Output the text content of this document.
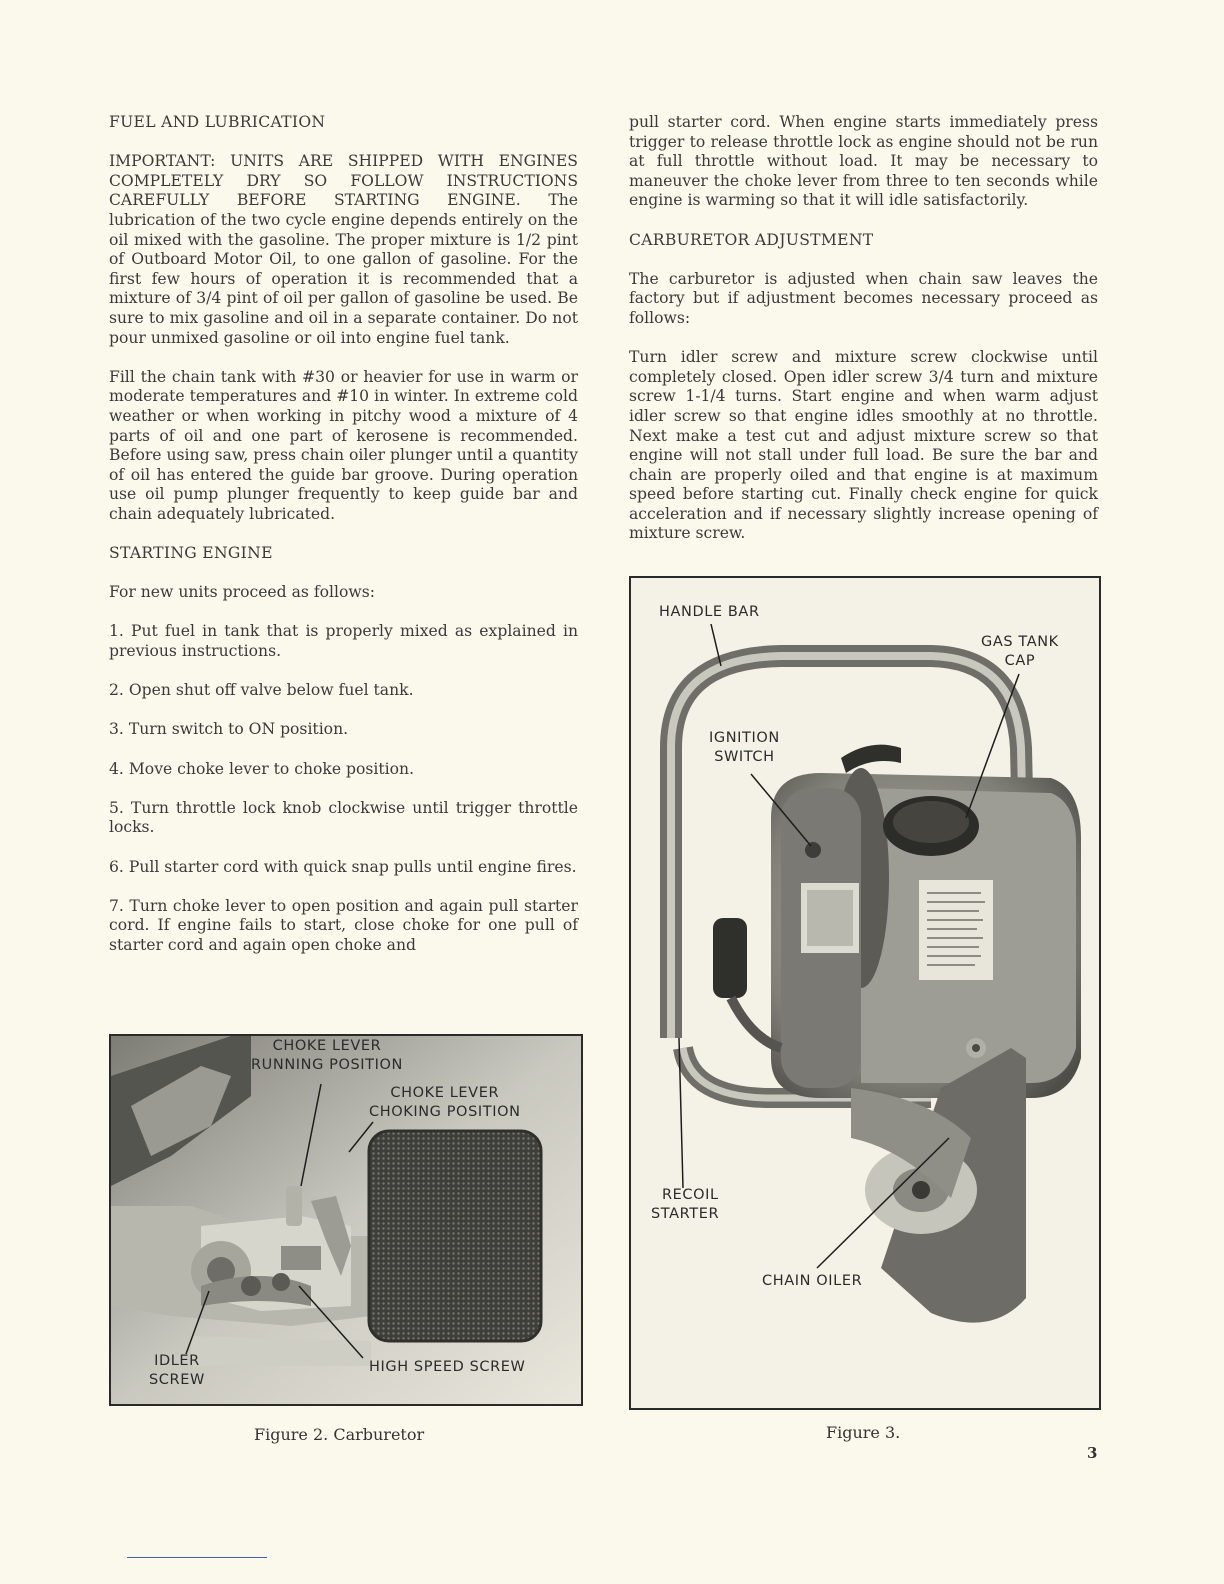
FUEL AND LUBRICATION

IMPORTANT: UNITS ARE SHIPPED WITH ENGINES COMPLETELY DRY SO FOLLOW INSTRUCTIONS CAREFULLY BEFORE STARTING ENGINE. The lubrication of the two cycle engine depends entirely on the oil mixed with the gasoline. The proper mixture is 1/2 pint of Outboard Motor Oil, to one gallon of gasoline. For the first few hours of operation it is recommended that a mixture of 3/4 pint of oil per gallon of gasoline be used. Be sure to mix gasoline and oil in a separate container. Do not pour unmixed gasoline or oil into engine fuel tank.

Fill the chain tank with #30 or heavier for use in warm or moderate temperatures and #10 in winter. In extreme cold weather or when working in pitchy wood a mixture of 4 parts of oil and one part of kerosene is recommended. Before using saw, press chain oiler plunger until a quantity of oil has entered the guide bar groove. During operation use oil pump plunger frequently to keep guide bar and chain adequately lubricated.

STARTING ENGINE

For new units proceed as follows:

1. Put fuel in tank that is properly mixed as explained in previous instructions.

2. Open shut off valve below fuel tank.

3. Turn switch to ON position.

4. Move choke lever to choke position.

5. Turn throttle lock knob clockwise until trigger throttle locks.

6. Pull starter cord with quick snap pulls until engine fires.

7. Turn choke lever to open position and again pull starter cord. If engine fails to start, close choke for one pull of starter cord and again open choke and

pull starter cord. When engine starts immediately press trigger to release throttle lock as engine should not be run at full throttle without load. It may be necessary to maneuver the choke lever from three to ten seconds while engine is warming so that it will idle satisfactorily.

CARBURETOR ADJUSTMENT

The carburetor is adjusted when chain saw leaves the factory but if adjustment becomes necessary proceed as follows:

Turn idler screw and mixture screw clockwise until completely closed. Open idler screw 3/4 turn and mixture screw 1-1/4 turns. Start engine and when warm adjust idler screw so that engine idles smoothly at no throttle. Next make a test cut and adjust mixture screw so that engine will not stall under full load. Be sure the bar and chain are properly oiled and that engine is at maximum speed before starting cut. Finally check engine for quick acceleration and if necessary slightly increase opening of mixture screw.

CHOKE LEVER
RUNNING POSITION
CHOKE LEVER
CHOKING POSITION
IDLER
SCREW
HIGH SPEED SCREW
Figure 2. Carburetor
HANDLE BAR
GAS TANK
CAP
IGNITION
SWITCH
RECOIL
STARTER
CHAIN OILER
Figure 3.
3
